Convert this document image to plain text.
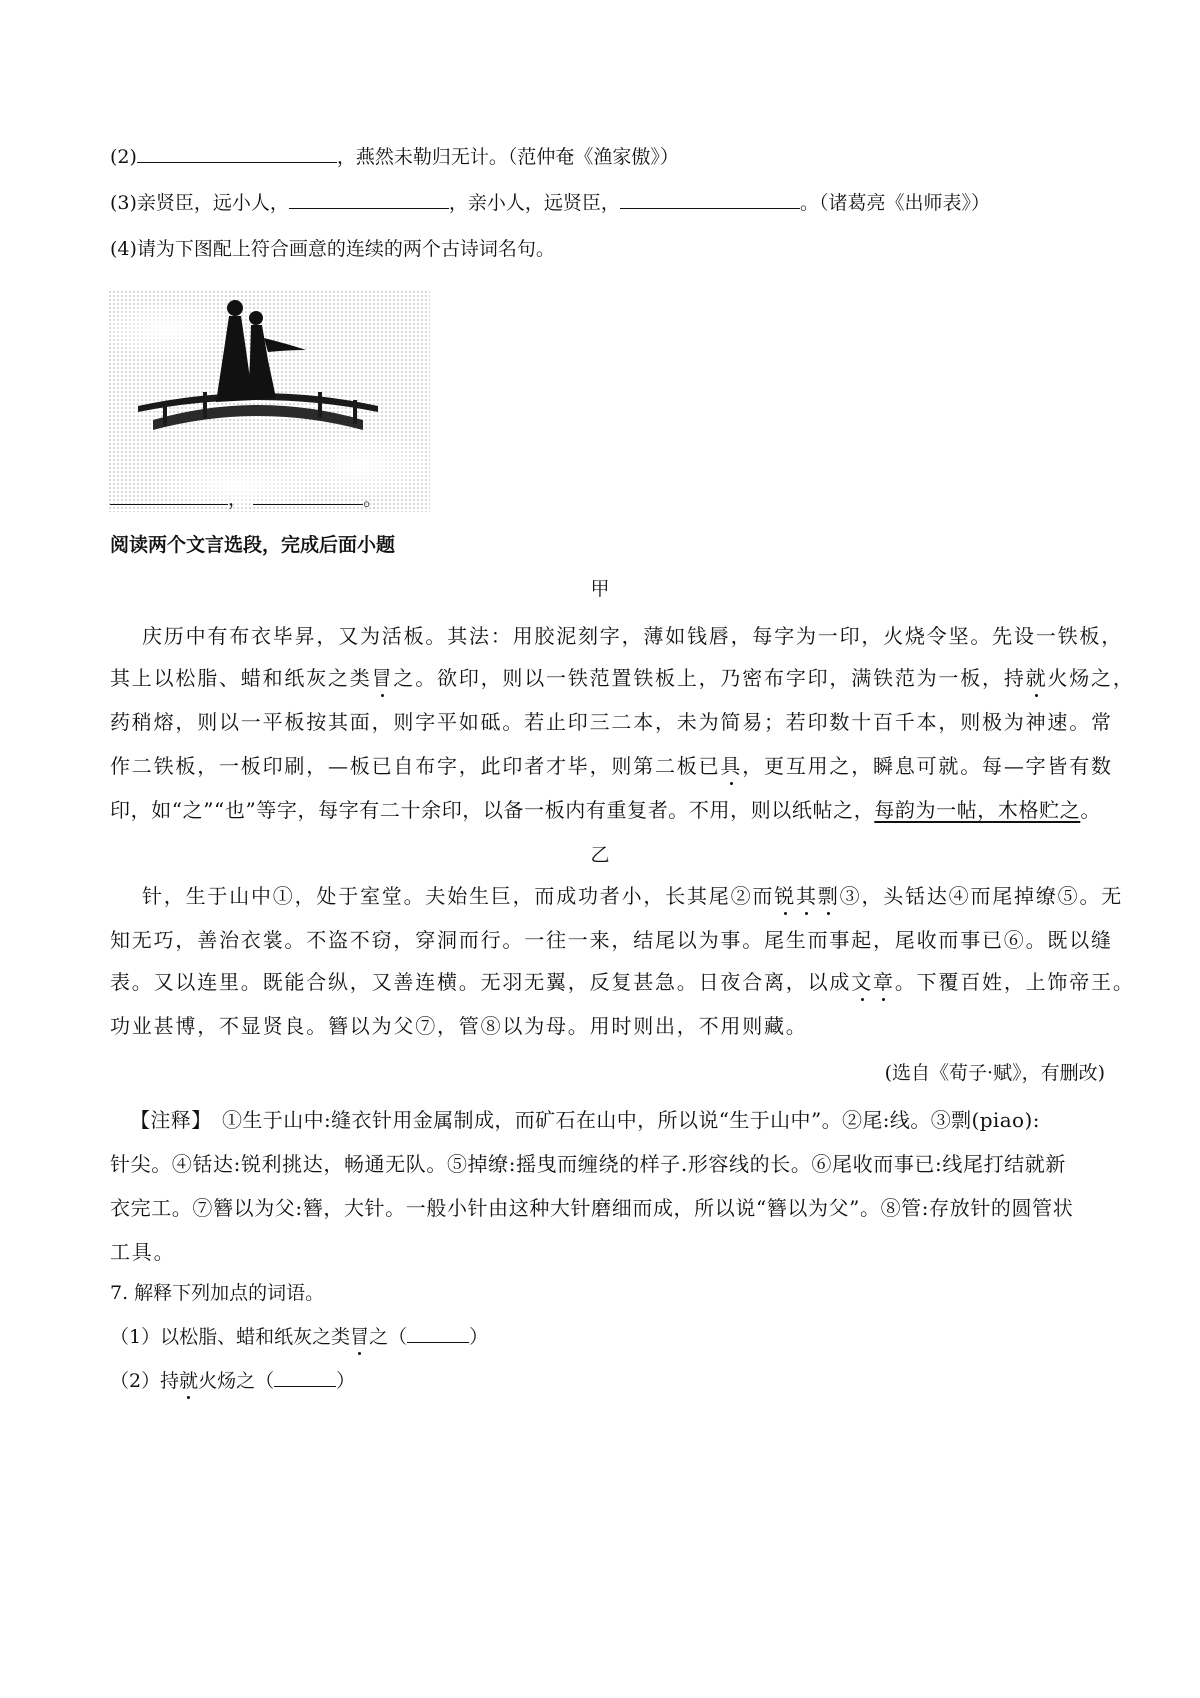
(2)	，燕然未勒归无计。（范仲奄《渔家傲》）
(3)亲贤臣，远小人，	，亲小人，远贤臣，	。（诸葛亮《出师表》）
(4)请为下图配上符合画意的连续的两个古诗词名句。
，	。
阅读两个文言选段，完成后面小题
甲
庆历中有布衣毕昇，又为活板。其法：用胶泥刻字，薄如钱唇，每字为一印，火烧令坚。先设一铁板，
其上以松脂、蜡和纸灰之类冒之。欲印，则以一铁范置铁板上，乃密布字印，满铁范为一板，持就火炀之，
药稍熔，则以一平板按其面，则字平如砥。若止印三二本，未为简易；若印数十百千本，则极为神速。常
作二铁板，一板印刷，—板已自布字，此印者才毕，则第二板已具，更互用之，瞬息可就。每—字皆有数
印，如“之”“也”等字，每字有二十余印，以备一板内有重复者。不用，则以纸帖之，每韵为一帖，木格贮之。
乙
针，生于山中①，处于室堂。夫始生巨，而成功者小，长其尾②而锐其剽③，头铦达④而尾掉缭⑤。无
知无巧，善治衣裳。不盗不窃，穿洞而行。一往一来，结尾以为事。尾生而事起，尾收而事已⑥。既以缝
表。又以连里。既能合纵，又善连横。无羽无翼，反复甚急。日夜合离，以成文章。下覆百姓，上饰帝王。
功业甚博，不显贤良。簪以为父⑦，管⑧以为母。用时则出，不用则藏。
(选自《荀子·赋》，有删改)
【注释】　①生于山中:缝衣针用金属制成，而矿石在山中，所以说“生于山中”。②尾:线。③剽(piao):
针尖。④铦达:锐利挑达，畅通无队。⑤掉缭:摇曳而缠绕的样子.形容线的长。⑥尾收而事已:线尾打结就新
衣完工。⑦簪以为父:簪，大针。一般小针由这种大针磨细而成，所以说“簪以为父”。⑧管:存放针的圆管状
工具。
7. 解释下列加点的词语。
（1）以松脂、蜡和纸灰之类冒之（	）
（2）持就火炀之（	）
